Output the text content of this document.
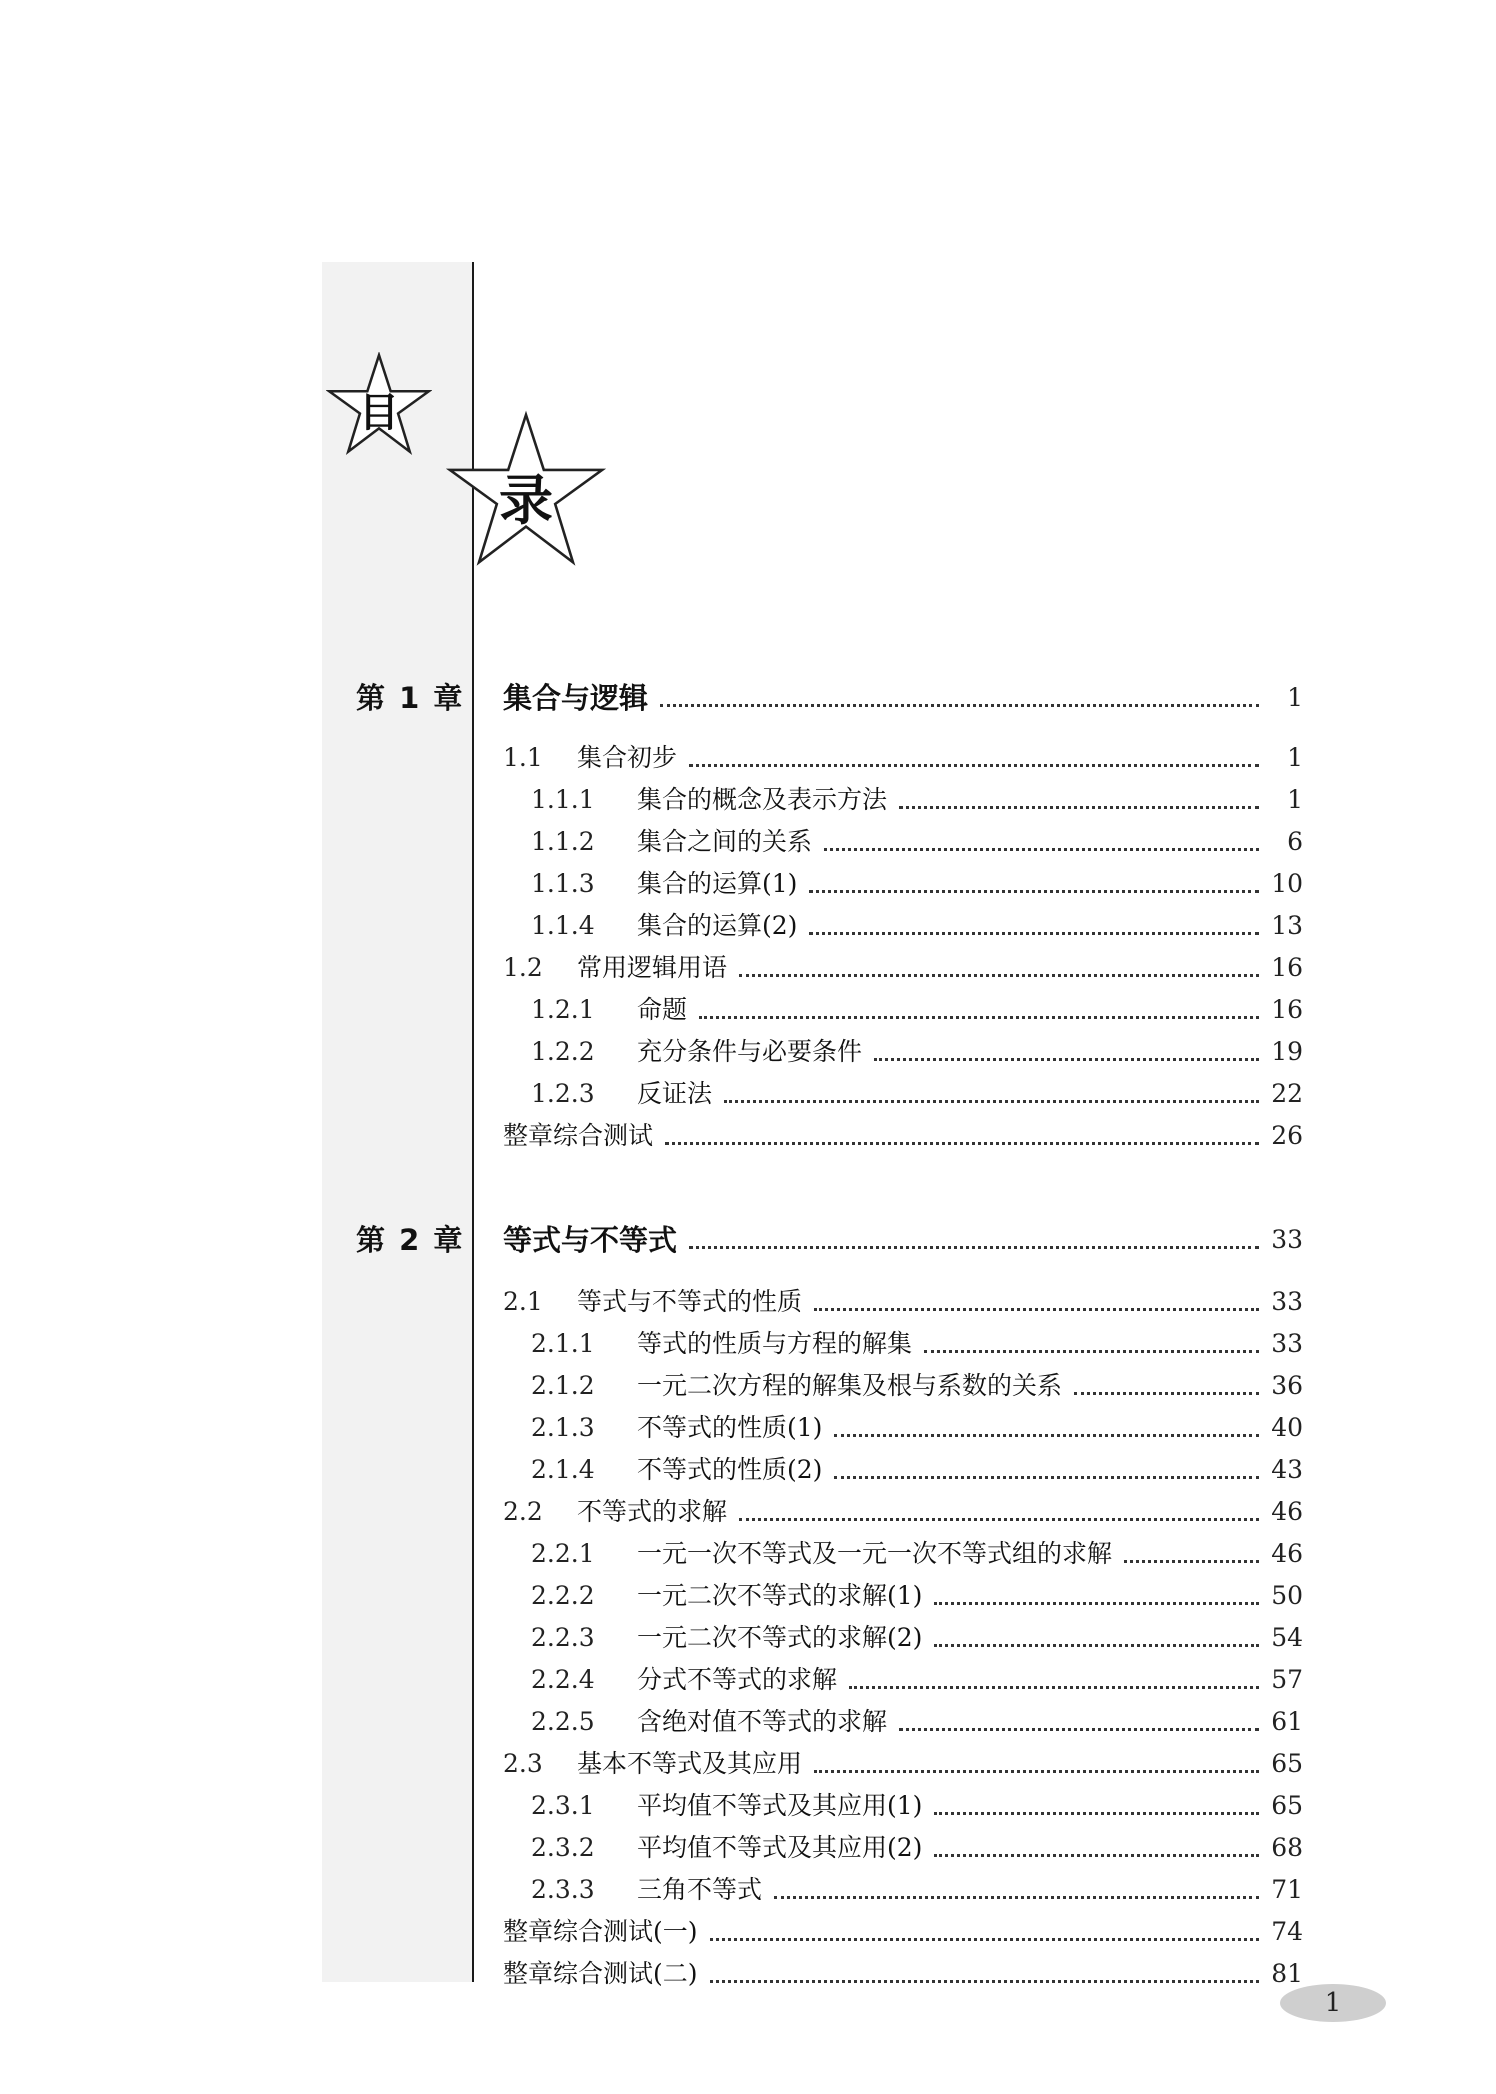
目
录
第 1 章 集合与逻辑	1
1.1	集合初步	1
1.1.1	集合的概念及表示方法	1
1.1.2	集合之间的关系	6
1.1.3	集合的运算(1)	10
1.1.4	集合的运算(2)	13
1.2	常用逻辑用语	16
1.2.1	命题	16
1.2.2	充分条件与必要条件	19
1.2.3	反证法	22
整章综合测试	26
第 2 章 等式与不等式	33
2.1	等式与不等式的性质	33
2.1.1	等式的性质与方程的解集	33
2.1.2	一元二次方程的解集及根与系数的关系	36
2.1.3	不等式的性质(1)	40
2.1.4	不等式的性质(2)	43
2.2	不等式的求解	46
2.2.1	一元一次不等式及一元一次不等式组的求解	46
2.2.2	一元二次不等式的求解(1)	50
2.2.3	一元二次不等式的求解(2)	54
2.2.4	分式不等式的求解	57
2.2.5	含绝对值不等式的求解	61
2.3	基本不等式及其应用	65
2.3.1	平均值不等式及其应用(1)	65
2.3.2	平均值不等式及其应用(2)	68
2.3.3	三角不等式	71
整章综合测试(一)	74
整章综合测试(二)	81
1
